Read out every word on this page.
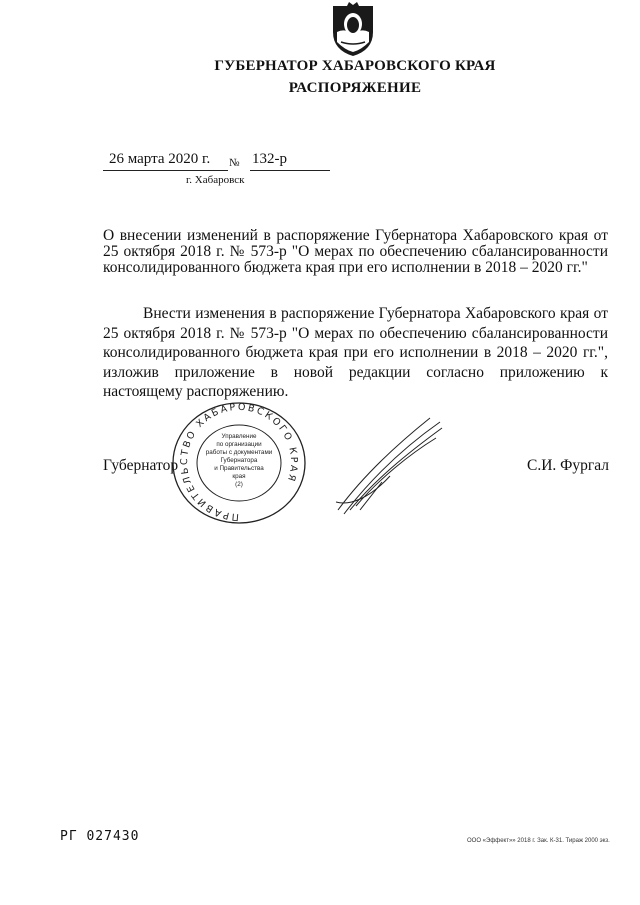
ГУБЕРНАТОР ХАБАРОВСКОГО КРАЯ
РАСПОРЯЖЕНИЕ
26 марта 2020 г. № 132-р
г. Хабаровск
О внесении изменений в распоряжение Губернатора Хабаровского края от 25 октября 2018 г. № 573-р "О мерах по обеспечению сбалансированности консолидированного бюджета края при его исполнении в 2018 – 2020 гг."

Внести изменения в распоряжение Губернатора Хабаровского края от 25 октября 2018 г. № 573-р "О мерах по обеспечению сбалансированности консолидированного бюджета края при его исполнении в 2018 – 2020 гг.", изложив приложение в новой редакции согласно приложению к настоящему распоряжению.

Губернатор
ПРАВИТЕЛЬСТВО ХАБАРОВСКОГО КРАЯ
Управление
по организации
работы с документами
Губернатора
и Правительства
края
(2)
С.И. Фургал
РГ 027430	ООО «Эффект»» 2018 г. Зак. К-31. Тираж 2000 экз.
